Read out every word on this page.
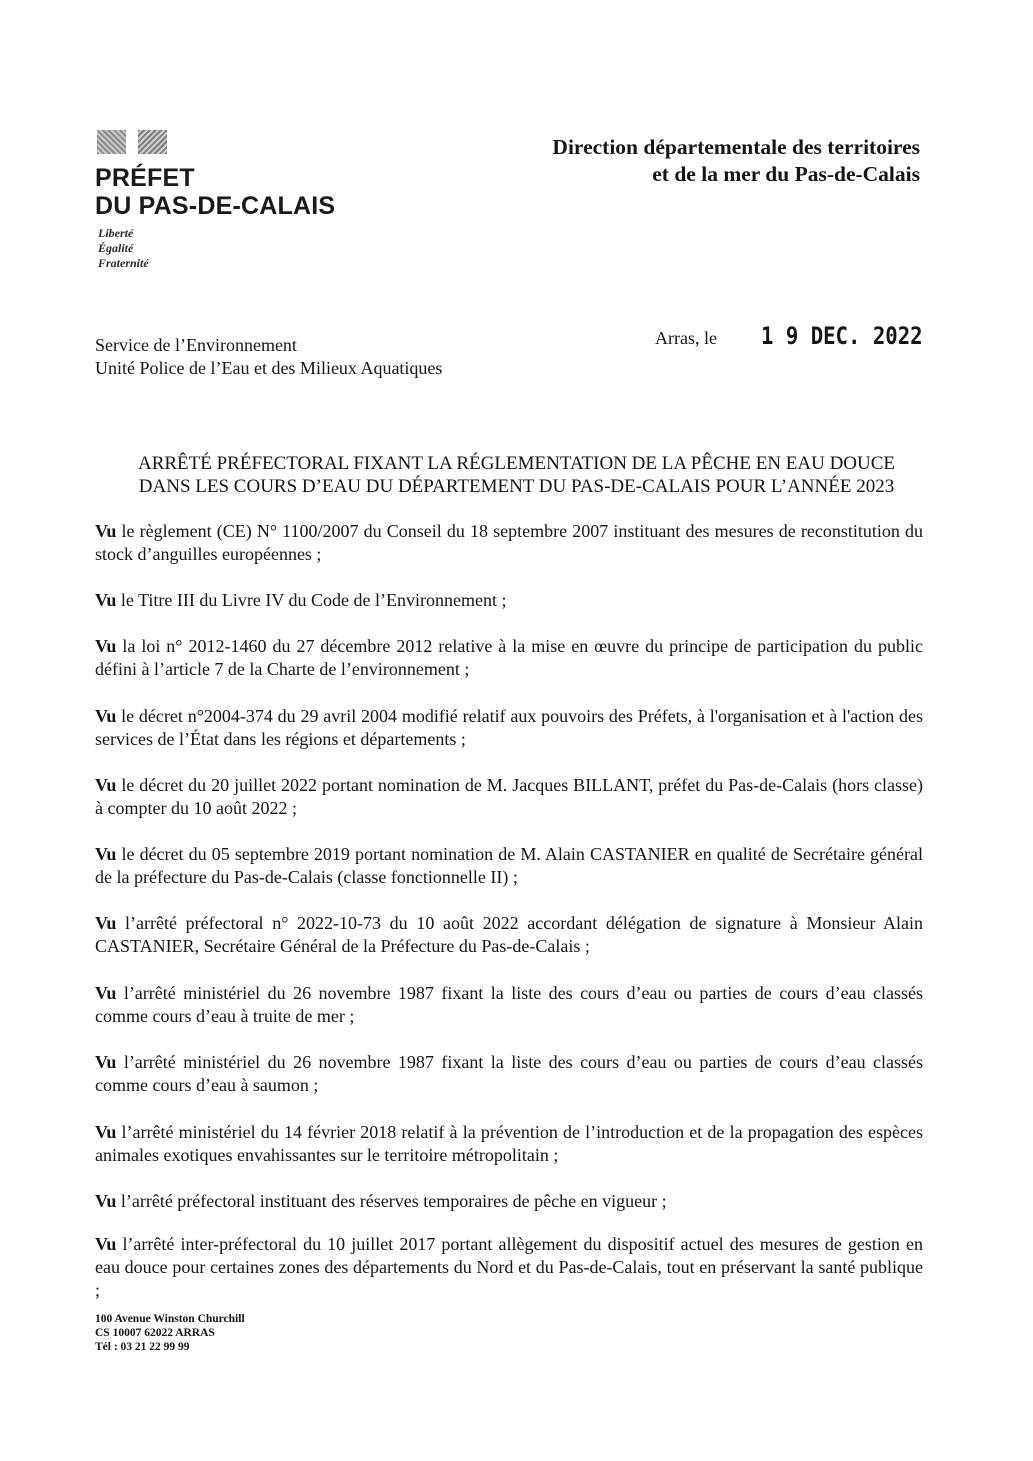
PRÉFET
DU PAS-DE-CALAIS
Liberté
Égalité
Fraternité
Direction départementale des territoires
et de la mer du Pas-de-Calais
Service de l’Environnement
Unité Police de l’Eau et des Milieux Aquatiques
Arras, le 1 9 DEC. 2022
ARRÊTÉ PRÉFECTORAL FIXANT LA RÉGLEMENTATION DE LA PÊCHE EN EAU DOUCE
DANS LES COURS D’EAU DU DÉPARTEMENT DU PAS-DE-CALAIS POUR L’ANNÉE 2023

Vu le règlement (CE) N° 1100/2007 du Conseil du 18 septembre 2007 instituant des mesures de reconstitution du stock d’anguilles européennes ;

Vu le Titre III du Livre IV du Code de l’Environnement ;

Vu la loi n° 2012-1460 du 27 décembre 2012 relative à la mise en œuvre du principe de participation du public défini à l’article 7 de la Charte de l’environnement ;

Vu le décret n°2004-374 du 29 avril 2004 modifié relatif aux pouvoirs des Préfets, à l'organisation et à l'action des services de l’État dans les régions et départements ;

Vu le décret du 20 juillet 2022 portant nomination de M. Jacques BILLANT, préfet du Pas-de-Calais (hors classe) à compter du 10 août 2022 ;

Vu le décret du 05 septembre 2019 portant nomination de M. Alain CASTANIER en qualité de Secrétaire général de la préfecture du Pas-de-Calais (classe fonctionnelle II) ;

Vu l’arrêté préfectoral n° 2022-10-73 du 10 août 2022 accordant délégation de signature à Monsieur Alain CASTANIER, Secrétaire Général de la Préfecture du Pas-de-Calais ;

Vu l’arrêté ministériel du 26 novembre 1987 fixant la liste des cours d’eau ou parties de cours d’eau classés comme cours d’eau à truite de mer ;

Vu l’arrêté ministériel du 26 novembre 1987 fixant la liste des cours d’eau ou parties de cours d’eau classés comme cours d’eau à saumon ;

Vu l’arrêté ministériel du 14 février 2018 relatif à la prévention de l’introduction et de la propagation des espèces animales exotiques envahissantes sur le territoire métropolitain ;

Vu l’arrêté préfectoral instituant des réserves temporaires de pêche en vigueur ;

Vu l’arrêté inter-préfectoral du 10 juillet 2017 portant allègement du dispositif actuel des mesures de gestion en eau douce pour certaines zones des départements du Nord et du Pas-de-Calais, tout en préservant la santé publique ;

100 Avenue Winston Churchill
CS 10007 62022 ARRAS
Tél : 03 21 22 99 99
